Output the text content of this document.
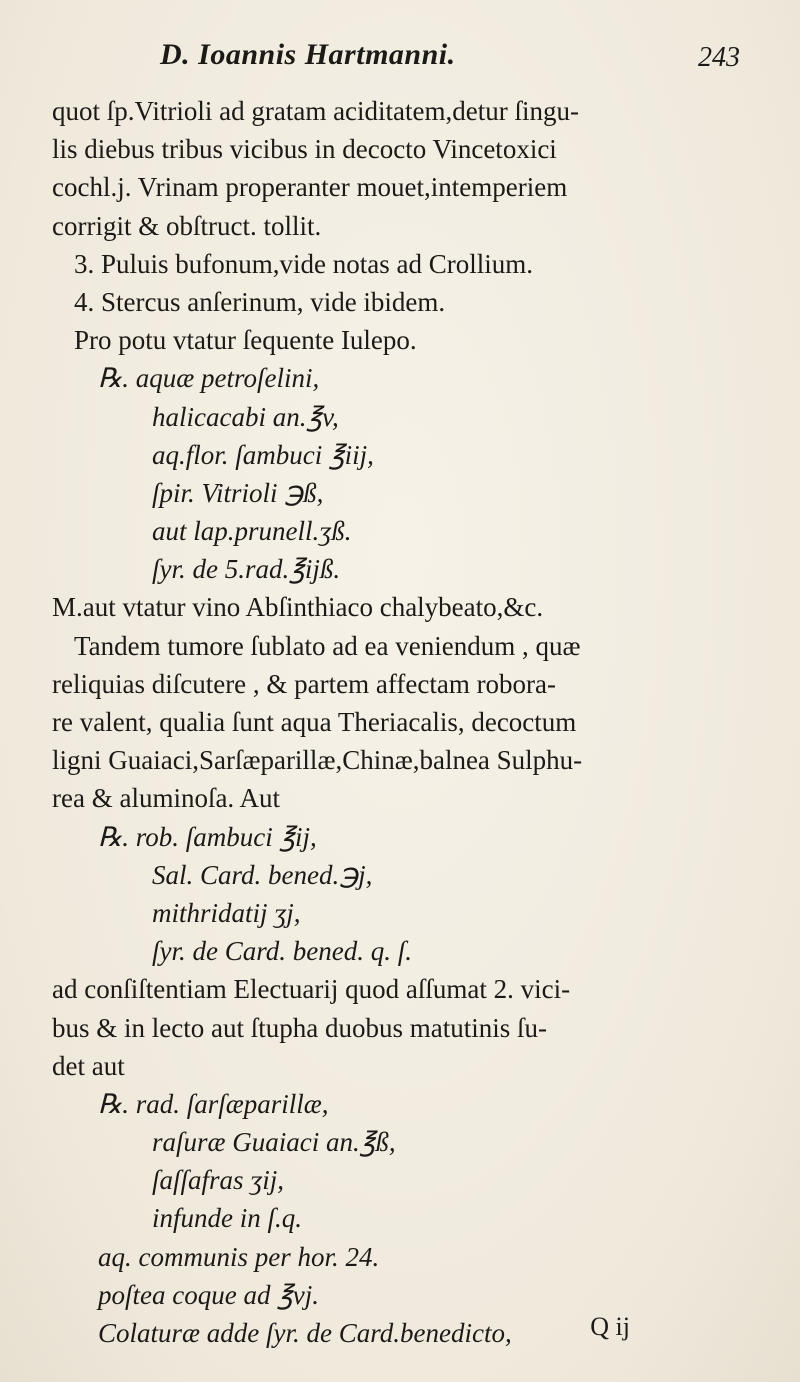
D. Ioannis Hartmanni.	243
quot ſp.Vitrioli ad gratam aciditatem,detur ſingu-
lis diebus tribus vicibus in decocto Vincetoxici
cochl.j. Vrinam properanter mouet,intemperiem
corrigit & obſtruct. tollit.
3. Puluis bufonum,vide notas ad Crollium.
4. Stercus anſerinum, vide ibidem.
Pro potu vtatur ſequente Iulepo.
℞. aquæ petroſelini,
halicacabi an.℥v,
aq.flor. ſambuci ℥iij,
ſpir. Vitrioli ℈ß,
aut lap.prunell.ʒß.
ſyr. de 5.rad.℥ijß.
M.aut vtatur vino Abſinthiaco chalybeato,&c.
Tandem tumore ſublato ad ea veniendum , quæ
reliquias diſcutere , & partem affectam robora-
re valent, qualia ſunt aqua Theriacalis, decoctum
ligni Guaiaci,Sarſæparillæ,Chinæ,balnea Sulphu-
rea & aluminoſa. Aut
℞. rob. ſambuci ℥ij,
Sal. Card. bened.℈j,
mithridatij ʒj,
ſyr. de Card. bened. q. ſ.
ad conſiſtentiam Electuarij quod aſſumat 2. vici-
bus & in lecto aut ſtupha duobus matutinis ſu-
det aut
℞. rad. ſarſæparillæ,
raſuræ Guaiaci an.℥ß,
ſaſſafras ʒij,
infunde in ſ.q.
aq. communis per hor. 24.
poſtea coque ad ℥vj.
Colaturæ adde ſyr. de Card.benedicto,	Q ij
